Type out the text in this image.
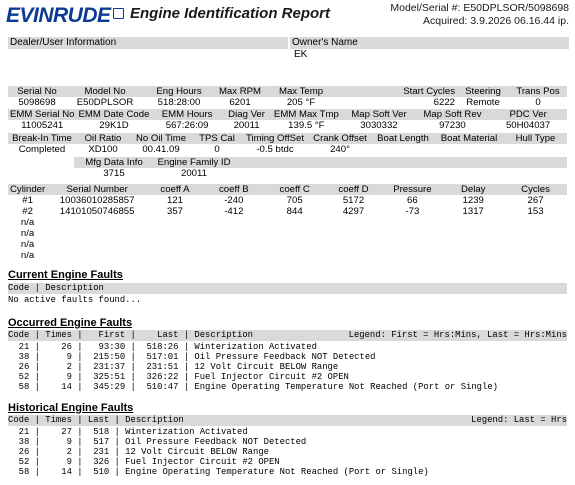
EVINRUDE Engine Identification Report	Model/Serial #: E50DPLSOR/5098698
Acquired: 3.9.2026 06.16.44 ip.
Dealer/User Information	Owner's Name
EK
Serial No	Model No	Eng Hours	Max RPM	Max Temp	Start Cycles	Steering	Trans Pos
5098698	E50DPLSOR	518:28:00	6201	205 °F	6222	Remote	0
EMM Serial No	EMM Date Code	EMM Hours	Diag Ver	EMM Max Tmp	Map Soft Ver	Map Soft Rev	PDC Ver
11005241	29K1D	567:26:09	20011	139.5 °F	3030332	97230	50H04037
Break-In Time	Oil Ratio	No Oil Time	TPS Cal	Timing OffSet	Crank Offset	Boat Length	Boat Material	Hull Type
Completed	XD100	00.41.09	0	-0.5 btdc	240°			
	Mfg Data Info	Engine Family ID	
	3715	20011	
Cylinder	Serial Number	coeff A	coeff B	coeff C	coeff D	Pressure	Delay	Cycles
#1	10036010285857	121	-240	705	5172	66	1239	267
#2	14101050746855	357	-412	844	4297	-73	1317	153
n/a								
n/a								
n/a								
n/a								
Current Engine Faults
Code | Description
No active faults found...
Occurred Engine Faults
Code | Times |   First |    Last | Description	Legend: First = Hrs:Mins, Last = Hrs:Mins
21 |    26 |   93:30 |  518:26 | Winterization Activated
38 |     9 |  215:50 |  517:01 | Oil Pressure Feedback NOT Detected
26 |     2 |  231:37 |  231:51 | 12 Volt Circuit BELOW Range
52 |     9 |  325:51 |  326:22 | Fuel Injector Circuit #2 OPEN
58 |    14 |  345:29 |  510:47 | Engine Operating Temperature Not Reached (Port or Single)
Historical Engine Faults
Code | Times | Last | Description	Legend: Last = Hrs
21 |    27 |  518 | Winterization Activated
38 |     9 |  517 | Oil Pressure Feedback NOT Detected
26 |     2 |  231 | 12 Volt Circuit BELOW Range
52 |     9 |  326 | Fuel Injector Circuit #2 OPEN
58 |    14 |  510 | Engine Operating Temperature Not Reached (Port or Single)
